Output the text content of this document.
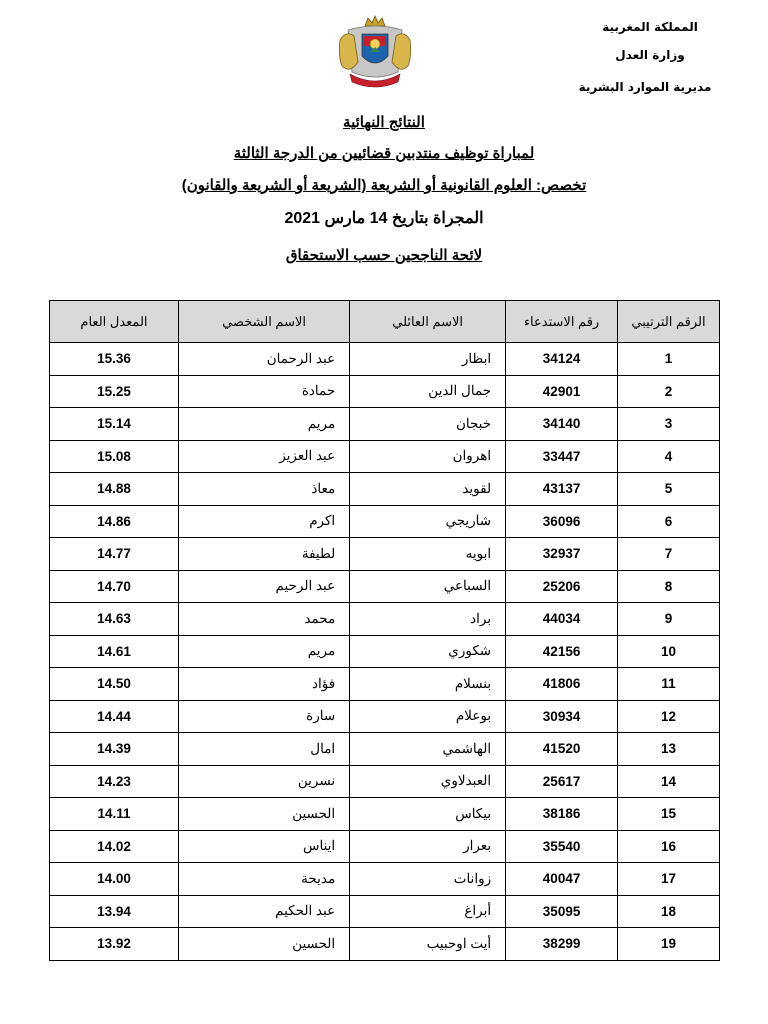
المملكة المغربية
وزارة العدل
مديرية الموارد البشرية
النتائج النهائية
لمباراة توظيف منتدبين قضائيين من الدرجة الثالثة
تخصص: العلوم القانونية أو الشريعة (الشريعة أو الشريعة والقانون)
المجراة بتاريخ 14 مارس 2021
لائحة الناجحين حسب الاستحقاق
الرقم الترتيبي	رقم الاستدعاء	الاسم العائلي	الاسم الشخصي	المعدل العام
1	34124	ابظار	عبد الرحمان	15.36
2	42901	جمال الدين	حمادة	15.25
3	34140	خبجان	مريم	15.14
4	33447	اهروان	عبد العزيز	15.08
5	43137	لقويد	معاذ	14.88
6	36096	شاريجي	اكرم	14.86
7	32937	ابويه	لطيفة	14.77
8	25206	السباعي	عبد الرحيم	14.70
9	44034	براد	محمد	14.63
10	42156	شكوري	مريم	14.61
11	41806	بنسلام	فؤاد	14.50
12	30934	بوعلام	سارة	14.44
13	41520	الهاشمي	امال	14.39
14	25617	العبدلاوي	نسرين	14.23
15	38186	بيكاس	الحسين	14.11
16	35540	بعرار	ايناس	14.02
17	40047	زوانات	مديحة	14.00
18	35095	أبراغ	عبد الحكيم	13.94
19	38299	أيت اوحبيب	الحسين	13.92
